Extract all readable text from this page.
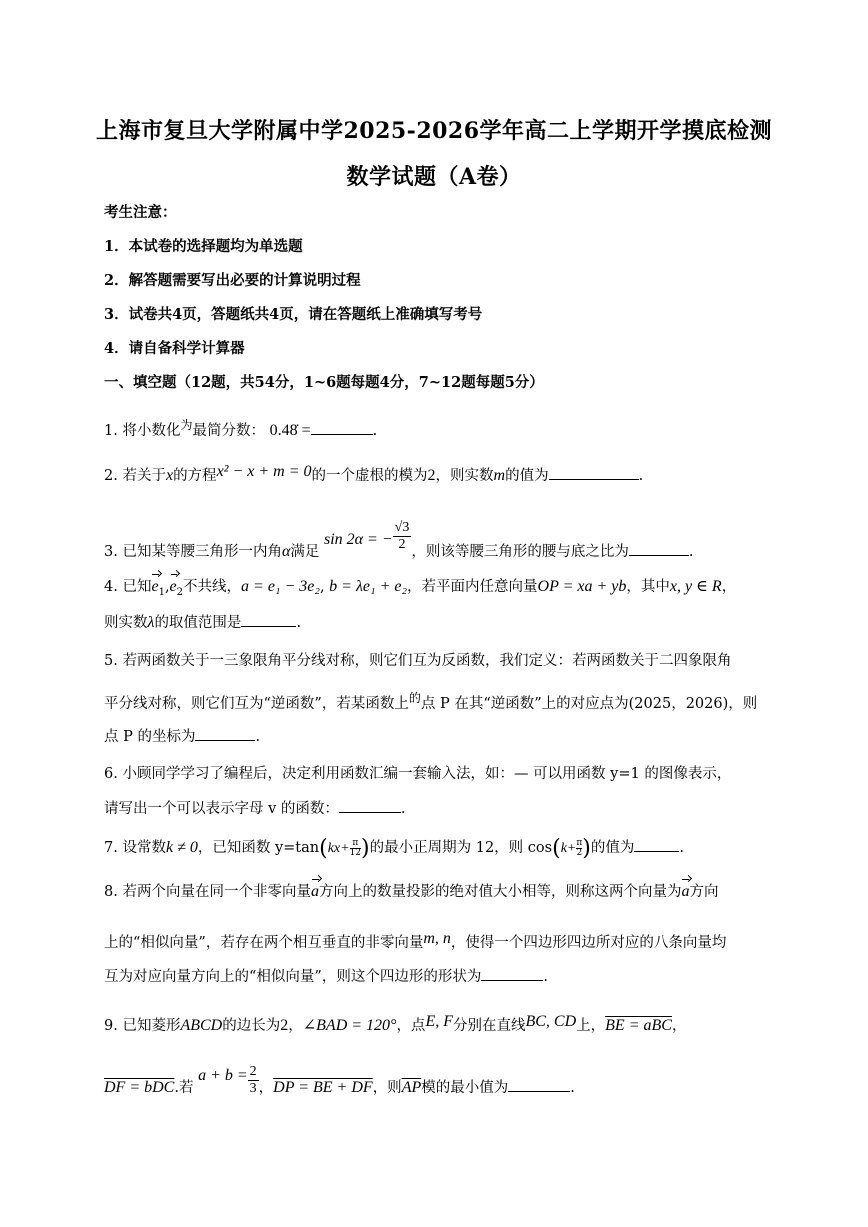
上海市复旦大学附属中学2025-2026学年高二上学期开学摸底检测
数学试题（A卷）
考生注意：
1．本试卷的选择题均为单选题
2．解答题需要写出必要的计算说明过程
3．试卷共4页，答题纸共4页，请在答题纸上准确填写考号
4．请自备科学计算器
一、填空题（12题，共54分，1~6题每题4分，7~12题每题5分）
1. 将小数化$^为$最简分数： 0.48̇ =	.
2. 若关于x的方程x² − x + m = 0的一个虚根的模为2，则实数m的值为	.
3. 已知某等腰三角形一内角α满足 sin 2α = − $\frac{√3}{2}$ ，则该等腰三角形的腰与底之比为	.
4. 已知$e_1,e_2$不共线，a = e₁ − 3e₂, b = λe₁ + e₂，若平面内任意向量OP = xa + yb，其中x, y ∈ R，
则实数λ的取值范围是	.
5. 若两函数关于一三象限角平分线对称，则它们互为反函数，我们定义：若两函数关于二四象限角
平分线对称，则它们互为“逆函数”，若某函数上$^的$点 P 在其“逆函数”上的对应点为(2025，2026)，则
点 P 的坐标为	.
6. 小顾同学学习了编程后，决定利用函数汇编一套输入法，如：— 可以用函数 y=1 的图像表示，
请写出一个可以表示字母 v 的函数：	.
7. 设常数k ≠ 0，已知函数 $y=\tan(kx+ \frac{\pi}{12})$的最小正周期为 12，则 $\cos(k+ \frac{\pi}{2})$的值为	.
8. 若两个向量在同一个非零向量a方向上的数量投影的绝对值大小相等，则称这两个向量为a方向
上的“相似向量”，若存在两个相互垂直的非零向量m, n，使得一个四边形四边所对应的八条向量均
互为对应向量方向上的“相似向量”，则这个四边形的形状为	.
9. 已知菱形ABCD的边长为2，∠BAD = 120°，点E, F分别在直线BC, CD上，BE = aBC，
DF = bDC.若 $a + b = \frac{2}{3}$ ，DP = BE + DF，则$\overline{AP}$模的最小值为	.
